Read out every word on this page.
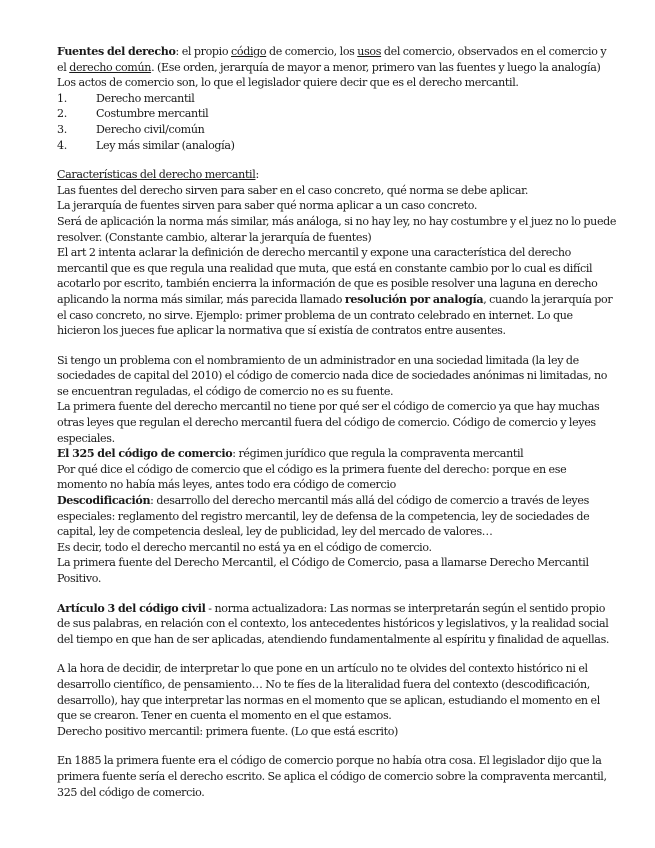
Fuentes del derecho: el propio código de comercio, los usos del comercio, observados en el comercio y el derecho común. (Ese orden, jerarquía de mayor a menor, primero van las fuentes y luego la analogía)

Los actos de comercio son, lo que el legislador quiere decir que es el derecho mercantil.

1.	Derecho mercantil
2.	Costumbre mercantil
3.	Derecho civil/común
4.	Ley más similar (analogía)

Características del derecho mercantil:

Las fuentes del derecho sirven para saber en el caso concreto, qué norma se debe aplicar.

La jerarquía de fuentes sirven para saber qué norma aplicar a un caso concreto.

Será de aplicación la norma más similar, más análoga, si no hay ley, no hay costumbre y el juez no lo puede resolver. (Constante cambio, alterar la jerarquía de fuentes)

El art 2 intenta aclarar la definición de derecho mercantil y expone una característica del derecho mercantil que es que regula una realidad que muta, que está en constante cambio por lo cual es difícil acotarlo por escrito, también encierra la información de que es posible resolver una laguna en derecho aplicando la norma más similar, más parecida llamado resolución por analogía, cuando la jerarquía por el caso concreto, no sirve. Ejemplo: primer problema de un contrato celebrado en internet. Lo que hicieron los jueces fue aplicar la normativa que sí existía de contratos entre ausentes.

Si tengo un problema con el nombramiento de un administrador en una sociedad limitada (la ley de sociedades de capital del 2010) el código de comercio nada dice de sociedades anónimas ni limitadas, no se encuentran reguladas, el código de comercio no es su fuente.

La primera fuente del derecho mercantil no tiene por qué ser el código de comercio ya que hay muchas otras leyes que regulan el derecho mercantil fuera del código de comercio. Código de comercio y leyes especiales.

El 325 del código de comercio: régimen jurídico que regula la compraventa mercantil

Por qué dice el código de comercio que el código es la primera fuente del derecho: porque en ese momento no había más leyes, antes todo era código de comercio

Descodificación: desarrollo del derecho mercantil más allá del código de comercio a través de leyes especiales: reglamento del registro mercantil, ley de defensa de la competencia, ley de sociedades de capital, ley de competencia desleal, ley de publicidad, ley del mercado de valores…

Es decir, todo el derecho mercantil no está ya en el código de comercio.

La primera fuente del Derecho Mercantil, el Código de Comercio, pasa a llamarse Derecho Mercantil Positivo.

Artículo 3 del código civil - norma actualizadora: Las normas se interpretarán según el sentido propio de sus palabras, en relación con el contexto, los antecedentes históricos y legislativos, y la realidad social del tiempo en que han de ser aplicadas, atendiendo fundamentalmente al espíritu y finalidad de aquellas.

A la hora de decidir, de interpretar lo que pone en un artículo no te olvides del contexto histórico ni el desarrollo científico, de pensamiento… No te fíes de la literalidad fuera del contexto (descodificación, desarrollo), hay que interpretar las normas en el momento que se aplican, estudiando el momento en el que se crearon. Tener en cuenta el momento en el que estamos.

Derecho positivo mercantil: primera fuente. (Lo que está escrito)

En 1885 la primera fuente era el código de comercio porque no había otra cosa. El legislador dijo que la primera fuente sería el derecho escrito. Se aplica el código de comercio sobre la compraventa mercantil, 325 del código de comercio.
